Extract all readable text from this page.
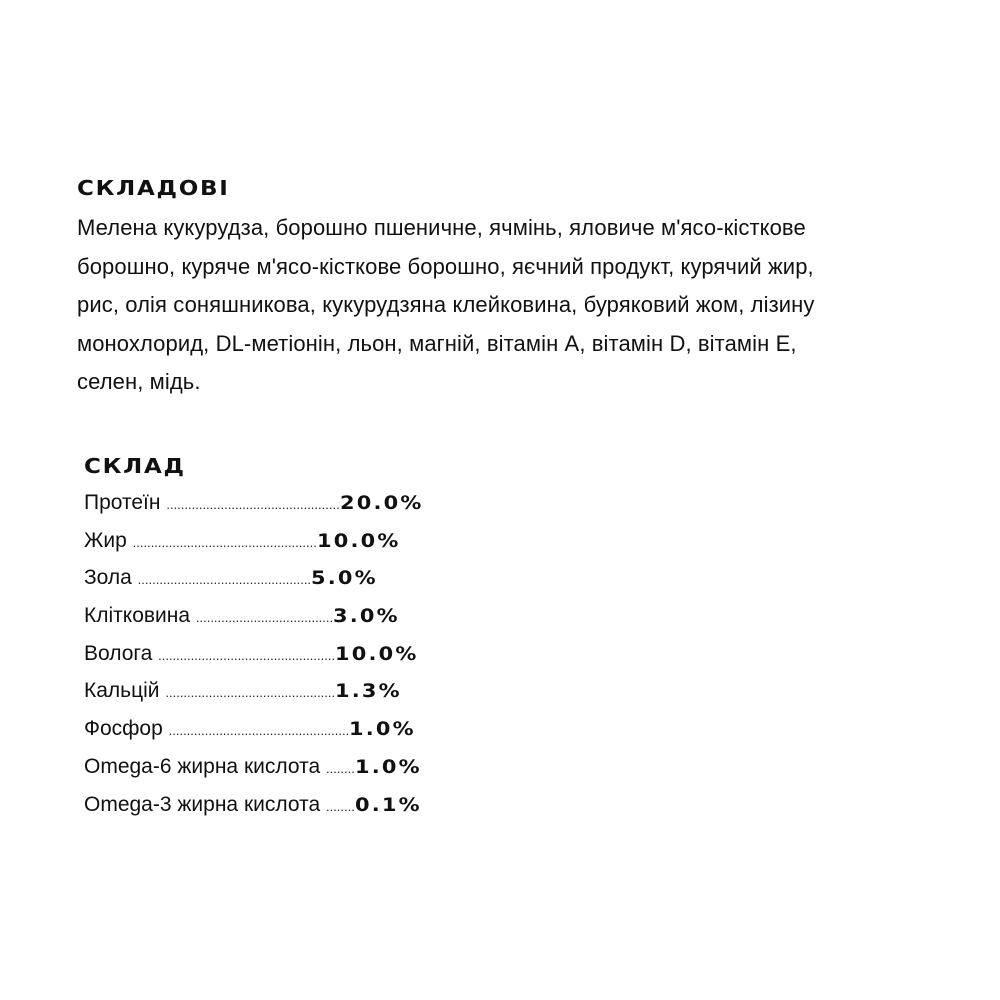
СКЛАДОВІ

Мелена кукурудза, борошно пшеничне, ячмінь, яловиче м'ясо-кісткове
борошно, куряче м'ясо-кісткове борошно, яєчний продукт, курячий жир,
рис, олія соняшникова, кукурудзяна клейковина, буряковий жом, лізину
монохлорид, DL-метіонін, льон, магній, вітамін А, вітамін D, вітамін Е,
селен, мідь.

СКЛАД
Протеїн ................................................20.0%
Жир ...................................................10.0%
Зола ................................................5.0%
Клітковина ......................................3.0%
Волога .................................................10.0%
Кальцій ...............................................1.3%
Фосфор ..................................................1.0%
Omega-6 жирна кислота ........1.0%
Omega-3 жирна кислота ........0.1%
